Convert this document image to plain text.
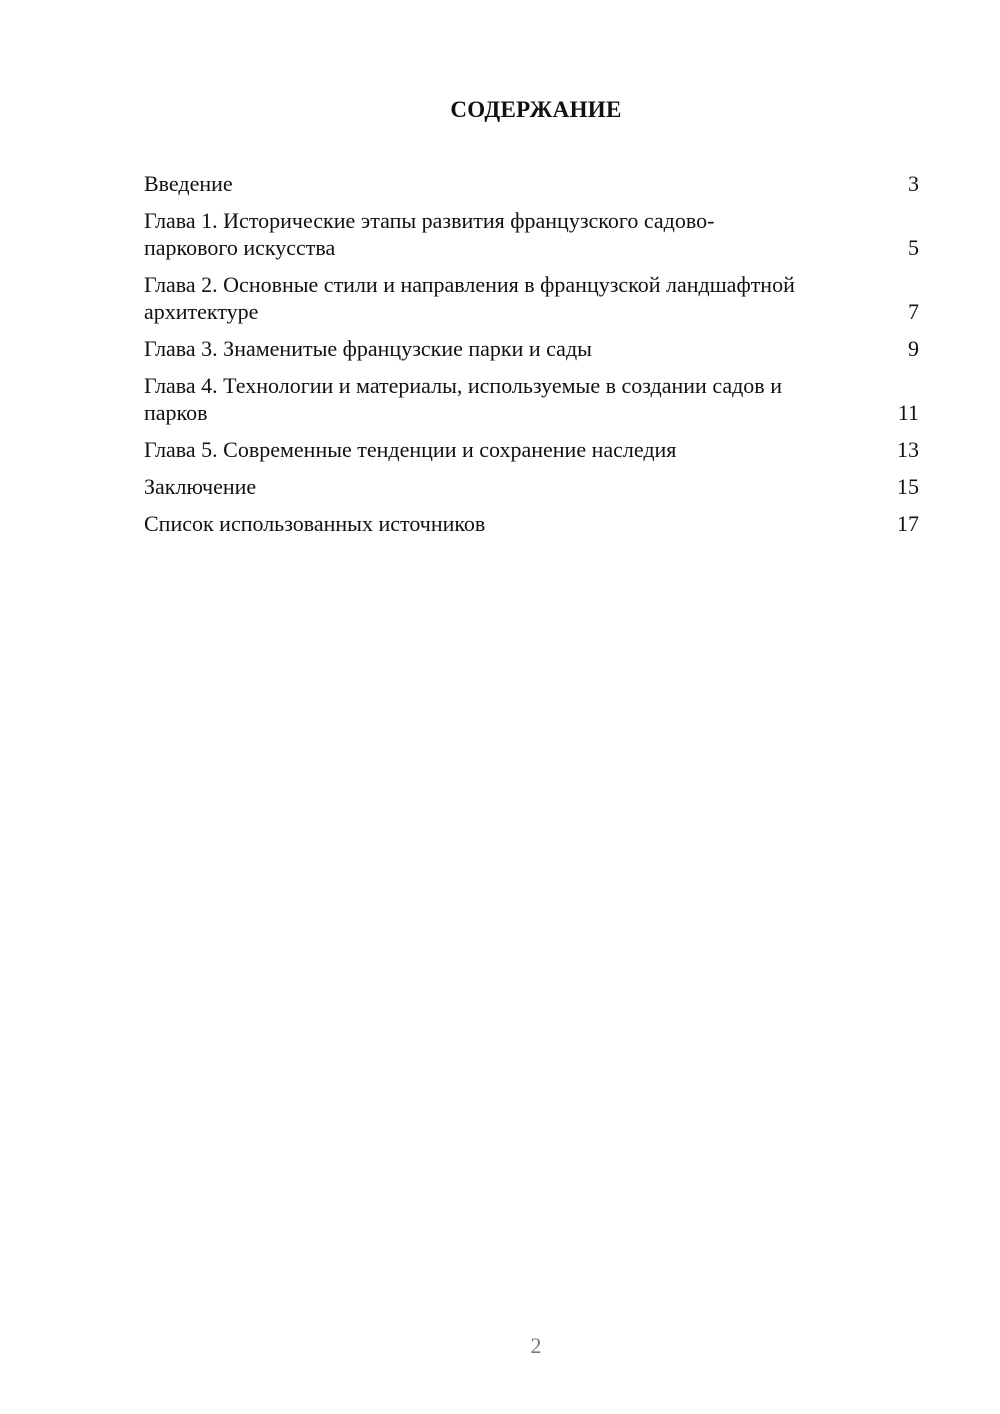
СОДЕРЖАНИЕ
Введение	3
Глава 1. Исторические этапы развития французского садово-паркового искусства	5
Глава 2. Основные стили и направления в французской ландшафтной архитектуре	7
Глава 3. Знаменитые французские парки и сады	9
Глава 4. Технологии и материалы, используемые в создании садов и парков	11
Глава 5. Современные тенденции и сохранение наследия	13
Заключение	15
Список использованных источников	17
2
